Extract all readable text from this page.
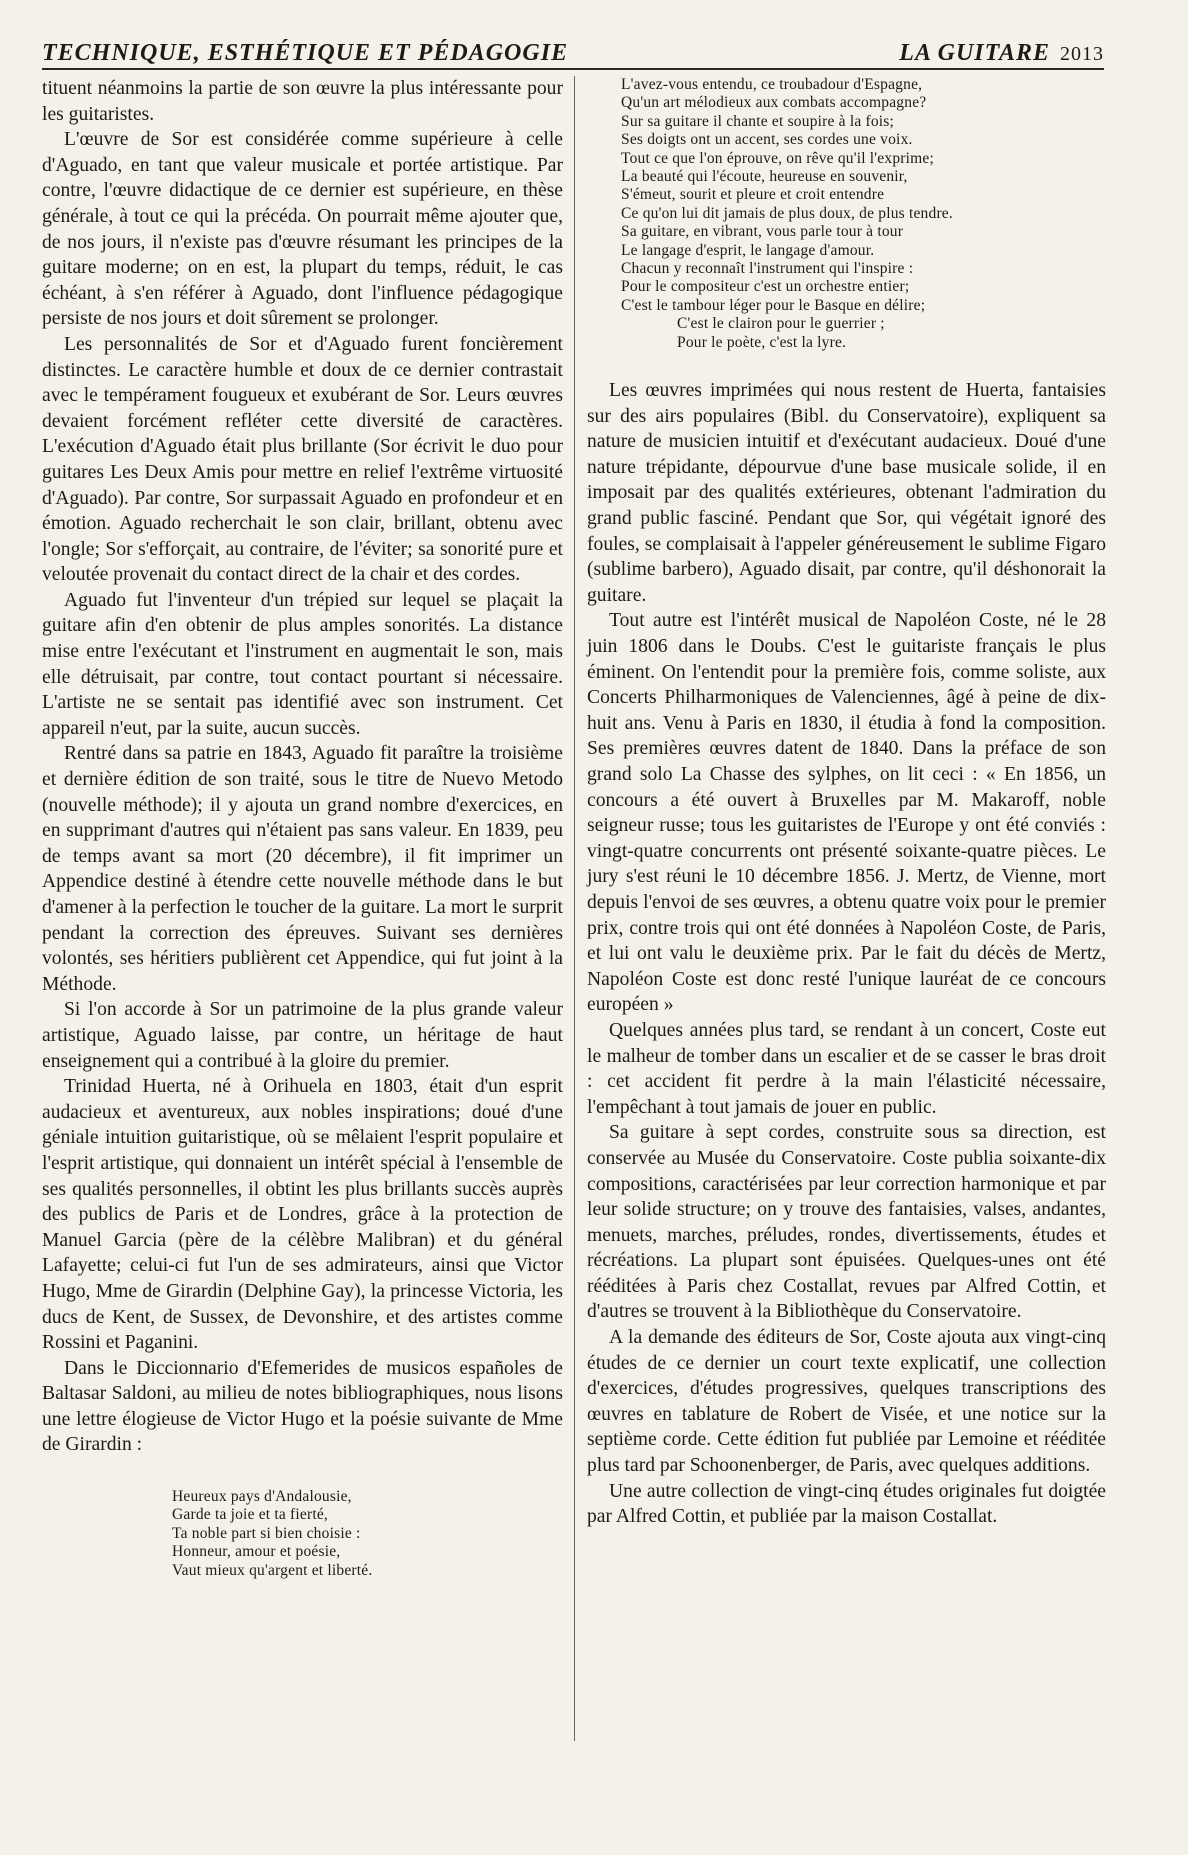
TECHNIQUE, ESTHÉTIQUE ET PÉDAGOGIE	LA GUITARE 2013

tituent néanmoins la partie de son œuvre la plus intéressante pour les guitaristes.

L'œuvre de Sor est considérée comme supérieure à celle d'Aguado, en tant que valeur musicale et portée artistique. Par contre, l'œuvre didactique de ce dernier est supérieure, en thèse générale, à tout ce qui la précéda. On pourrait même ajouter que, de nos jours, il n'existe pas d'œuvre résumant les principes de la guitare moderne; on en est, la plupart du temps, réduit, le cas échéant, à s'en référer à Aguado, dont l'influence pédagogique persiste de nos jours et doit sûrement se prolonger.

Les personnalités de Sor et d'Aguado furent foncièrement distinctes. Le caractère humble et doux de ce dernier contrastait avec le tempérament fougueux et exubérant de Sor. Leurs œuvres devaient forcément refléter cette diversité de caractères. L'exécution d'Aguado était plus brillante (Sor écrivit le duo pour guitares Les Deux Amis pour mettre en relief l'extrême virtuosité d'Aguado). Par contre, Sor surpassait Aguado en profondeur et en émotion. Aguado recherchait le son clair, brillant, obtenu avec l'ongle; Sor s'efforçait, au contraire, de l'éviter; sa sonorité pure et veloutée provenait du contact direct de la chair et des cordes.

Aguado fut l'inventeur d'un trépied sur lequel se plaçait la guitare afin d'en obtenir de plus amples sonorités. La distance mise entre l'exécutant et l'instrument en augmentait le son, mais elle détruisait, par contre, tout contact pourtant si nécessaire. L'artiste ne se sentait pas identifié avec son instrument. Cet appareil n'eut, par la suite, aucun succès.

Rentré dans sa patrie en 1843, Aguado fit paraître la troisième et dernière édition de son traité, sous le titre de Nuevo Metodo (nouvelle méthode); il y ajouta un grand nombre d'exercices, en en supprimant d'autres qui n'étaient pas sans valeur. En 1839, peu de temps avant sa mort (20 décembre), il fit imprimer un Appendice destiné à étendre cette nouvelle méthode dans le but d'amener à la perfection le toucher de la guitare. La mort le surprit pendant la correction des épreuves. Suivant ses dernières volontés, ses héritiers publièrent cet Appendice, qui fut joint à la Méthode.

Si l'on accorde à Sor un patrimoine de la plus grande valeur artistique, Aguado laisse, par contre, un héritage de haut enseignement qui a contribué à la gloire du premier.

Trinidad Huerta, né à Orihuela en 1803, était d'un esprit audacieux et aventureux, aux nobles inspirations; doué d'une géniale intuition guitaristique, où se mêlaient l'esprit populaire et l'esprit artistique, qui donnaient un intérêt spécial à l'ensemble de ses qualités personnelles, il obtint les plus brillants succès auprès des publics de Paris et de Londres, grâce à la protection de Manuel Garcia (père de la célèbre Malibran) et du général Lafayette; celui-ci fut l'un de ses admirateurs, ainsi que Victor Hugo, Mme de Girardin (Delphine Gay), la princesse Victoria, les ducs de Kent, de Sussex, de Devonshire, et des artistes comme Rossini et Paganini.

Dans le Diccionnario d'Efemerides de musicos españoles de Baltasar Saldoni, au milieu de notes bibliographiques, nous lisons une lettre élogieuse de Victor Hugo et la poésie suivante de Mme de Girardin :

Heureux pays d'Andalousie,
Garde ta joie et ta fierté,
Ta noble part si bien choisie :
Honneur, amour et poésie,
Vaut mieux qu'argent et liberté.
L'avez-vous entendu, ce troubadour d'Espagne,
Qu'un art mélodieux aux combats accompagne?
Sur sa guitare il chante et soupire à la fois;
Ses doigts ont un accent, ses cordes une voix.
Tout ce que l'on éprouve, on rêve qu'il l'exprime;
La beauté qui l'écoute, heureuse en souvenir,
S'émeut, sourit et pleure et croit entendre
Ce qu'on lui dit jamais de plus doux, de plus tendre.
Sa guitare, en vibrant, vous parle tour à tour
Le langage d'esprit, le langage d'amour.
Chacun y reconnaît l'instrument qui l'inspire :
Pour le compositeur c'est un orchestre entier;
C'est le tambour léger pour le Basque en délire;
C'est le clairon pour le guerrier ;
Pour le poète, c'est la lyre.

Les œuvres imprimées qui nous restent de Huerta, fantaisies sur des airs populaires (Bibl. du Conservatoire), expliquent sa nature de musicien intuitif et d'exécutant audacieux. Doué d'une nature trépidante, dépourvue d'une base musicale solide, il en imposait par des qualités extérieures, obtenant l'admiration du grand public fasciné. Pendant que Sor, qui végétait ignoré des foules, se complaisait à l'appeler généreusement le sublime Figaro (sublime barbero), Aguado disait, par contre, qu'il déshonorait la guitare.

Tout autre est l'intérêt musical de Napoléon Coste, né le 28 juin 1806 dans le Doubs. C'est le guitariste français le plus éminent. On l'entendit pour la première fois, comme soliste, aux Concerts Philharmoniques de Valenciennes, âgé à peine de dix-huit ans. Venu à Paris en 1830, il étudia à fond la composition. Ses premières œuvres datent de 1840. Dans la préface de son grand solo La Chasse des sylphes, on lit ceci : « En 1856, un concours a été ouvert à Bruxelles par M. Makaroff, noble seigneur russe; tous les guitaristes de l'Europe y ont été conviés : vingt-quatre concurrents ont présenté soixante-quatre pièces. Le jury s'est réuni le 10 décembre 1856. J. Mertz, de Vienne, mort depuis l'envoi de ses œuvres, a obtenu quatre voix pour le premier prix, contre trois qui ont été données à Napoléon Coste, de Paris, et lui ont valu le deuxième prix. Par le fait du décès de Mertz, Napoléon Coste est donc resté l'unique lauréat de ce concours européen »

Quelques années plus tard, se rendant à un concert, Coste eut le malheur de tomber dans un escalier et de se casser le bras droit : cet accident fit perdre à la main l'élasticité nécessaire, l'empêchant à tout jamais de jouer en public.

Sa guitare à sept cordes, construite sous sa direction, est conservée au Musée du Conservatoire. Coste publia soixante-dix compositions, caractérisées par leur correction harmonique et par leur solide structure; on y trouve des fantaisies, valses, andantes, menuets, marches, préludes, rondes, divertissements, études et récréations. La plupart sont épuisées. Quelques-unes ont été rééditées à Paris chez Costallat, revues par Alfred Cottin, et d'autres se trouvent à la Bibliothèque du Conservatoire.

A la demande des éditeurs de Sor, Coste ajouta aux vingt-cinq études de ce dernier un court texte explicatif, une collection d'exercices, d'études progressives, quelques transcriptions des œuvres en tablature de Robert de Visée, et une notice sur la septième corde. Cette édition fut publiée par Lemoine et rééditée plus tard par Schoonenberger, de Paris, avec quelques additions.

Une autre collection de vingt-cinq études originales fut doigtée par Alfred Cottin, et publiée par la maison Costallat.
